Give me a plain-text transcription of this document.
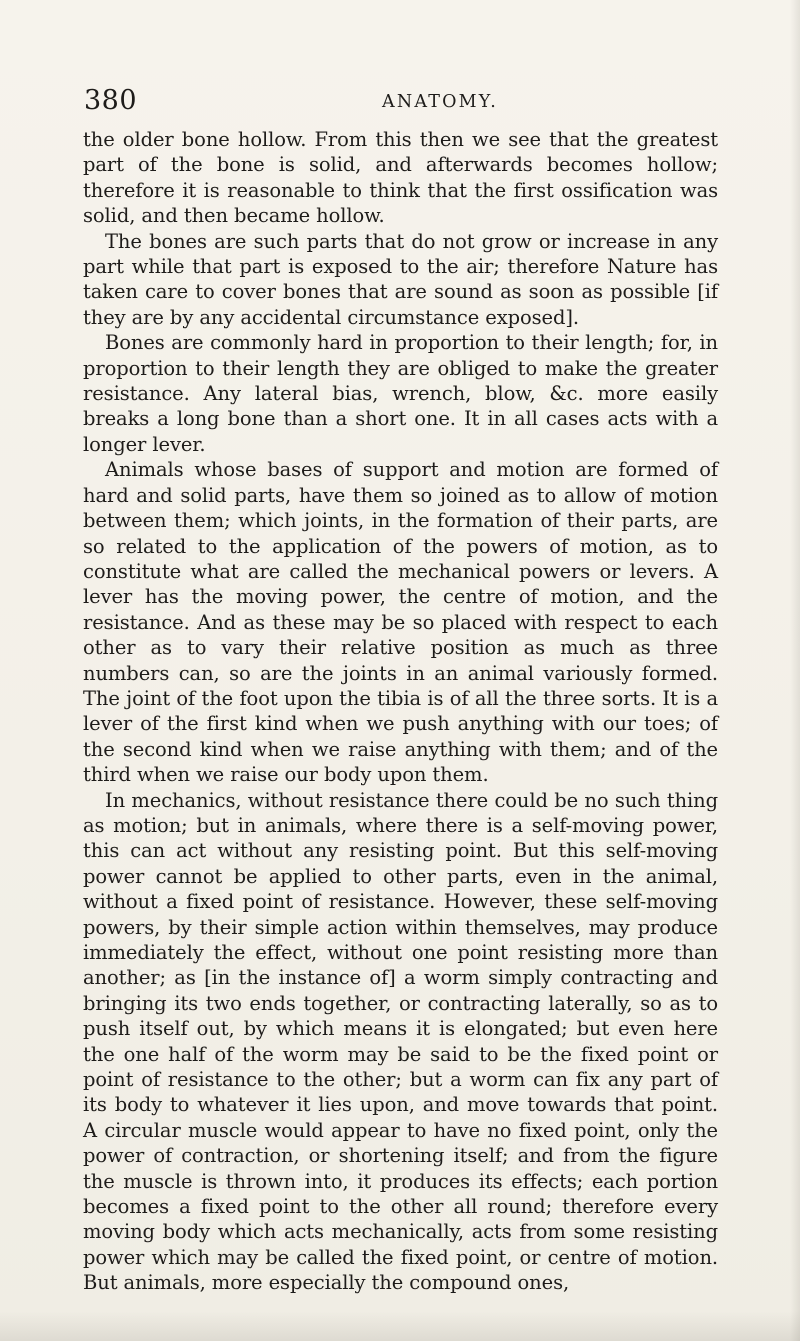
380	ANATOMY.

the older bone hollow. From this then we see that the greatest part of the bone is solid, and afterwards becomes hollow; therefore it is reasonable to think that the first ossification was solid, and then became hollow.

The bones are such parts that do not grow or increase in any part while that part is exposed to the air; therefore Nature has taken care to cover bones that are sound as soon as possible [if they are by any accidental circumstance exposed].

Bones are commonly hard in proportion to their length; for, in proportion to their length they are obliged to make the greater resistance. Any lateral bias, wrench, blow, &c. more easily breaks a long bone than a short one. It in all cases acts with a longer lever.

Animals whose bases of support and motion are formed of hard and solid parts, have them so joined as to allow of motion between them; which joints, in the formation of their parts, are so related to the application of the powers of motion, as to constitute what are called the mechanical powers or levers. A lever has the moving power, the centre of motion, and the resistance. And as these may be so placed with respect to each other as to vary their relative position as much as three numbers can, so are the joints in an animal variously formed. The joint of the foot upon the tibia is of all the three sorts. It is a lever of the first kind when we push anything with our toes; of the second kind when we raise anything with them; and of the third when we raise our body upon them.

In mechanics, without resistance there could be no such thing as motion; but in animals, where there is a self-moving power, this can act without any resisting point. But this self-moving power cannot be applied to other parts, even in the animal, without a fixed point of resistance. However, these self-moving powers, by their simple action within themselves, may produce immediately the effect, without one point resisting more than another; as [in the instance of] a worm simply contracting and bringing its two ends together, or contracting laterally, so as to push itself out, by which means it is elongated; but even here the one half of the worm may be said to be the fixed point or point of resistance to the other; but a worm can fix any part of its body to whatever it lies upon, and move towards that point. A circular muscle would appear to have no fixed point, only the power of contraction, or shortening itself; and from the figure the muscle is thrown into, it produces its effects; each portion becomes a fixed point to the other all round; therefore every moving body which acts mechanically, acts from some resisting power which may be called the fixed point, or centre of motion. But animals, more especially the compound ones,
